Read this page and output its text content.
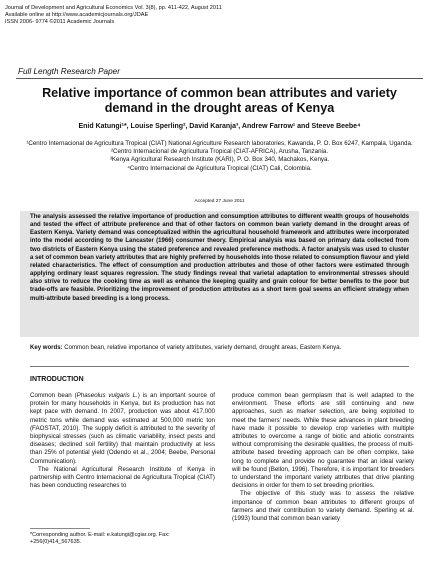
Journal of Development and Agricultural Economics Vol. 3(8), pp. 411-422, August 2011
Available online at http://www.academicjournals.org/JDAE
ISSN 2006- 9774 ©2011 Academic Journals
Full Length Research Paper
Relative importance of common bean attributes and variety demand in the drought areas of Kenya
Enid Katungi¹*, Louise Sperling², David Karanja³, Andrew Farrow¹ and Steeve Beebe⁴
¹Centro Internacional de Agricultura Tropical (CIAT) National Agriculture Research laboratories, Kawanda, P. O. Box 6247, Kampala, Uganda.
²Centro Internacional de Agricultura Tropical (CIAT-AFRICA), Arusha, Tanzania.
³Kenya Agricultural Research Institute (KARI), P. O. Box 340, Machakos, Kenya.
⁴Centro Internacional de Agricultura Tropical (CIAT) Cali, Colombia.
Accepted 27 June 2011
The analysis assessed the relative importance of production and consumption attributes to different wealth groups of households and tested the effect of attribute preference and that of other factors on common bean variety demand in the drought areas of Eastern Kenya. Variety demand was conceptualized within the agricultural household framework and attributes were incorporated into the model according to the Lancaster (1966) consumer theory. Empirical analysis was based on primary data collected from two districts of Eastern Kenya using the stated preference and revealed preference methods. A factor analysis was used to cluster a set of common bean variety attributes that are highly preferred by households into those related to consumption flavour and yield related characteristics. The effect of consumption and production attributes and those of other factors were estimated through applying ordinary least squares regression. The study findings reveal that varietal adaptation to environmental stresses should also strive to reduce the cooking time as well as enhance the keeping quality and grain colour for better benefits to the poor but trade-offs are feasible. Prioritizing the improvement of production attributes as a short term goal seems an efficient strategy when multi-attribute based breeding is a long process.
Key words: Common bean, relative importance of variety attributes, variety demand, drought areas, Eastern Kenya.
INTRODUCTION

Common bean (Phaseolus vulgaris L.) is an important source of protein for many households in Kenya, but its production has not kept pace with demand. In 2007, production was about 417,000 metric tons while demand was estimated at 500,000 metric ton (FAOSTAT, 2010). The supply deficit is attributed to the severity of biophysical stresses (such as climatic variability, insect pests and diseases; declined soil fertility) that maintain productivity at less than 25% of potential yield (Odendo et al., 2004; Beebe, Personal Communication).

The National Agricultural Research Institute of Kenya in partnership with Centro Internacional de Agricultura Tropical (CIAT) has been conducting researches to

produce common bean germplasm that is well adapted to the environment. These efforts are still continuing and new approaches, such as marker selection, are being exploited to meet the farmers' needs. While these advances in plant breeding have made it possible to develop crop varieties with multiple attributes to overcome a range of biotic and abiotic constraints without compromising the desirable qualities, the process of multi-attribute based breeding approach can be often complex, take long to complete and provide no guarantee that an ideal variety will be found (Bellon, 1996). Therefore, it is important for breeders to understand the important variety attributes that drive planting decisions in order for them to set breeding priorities.

The objective of this study was to assess the relative importance of common bean attributes to different groups of farmers and their contribution to variety demand. Sperling et al. (1993) found that common bean variety

*Corresponding author. E-mail: e.katungi@cgiar.org. Fax: +256(0)414_567635.
